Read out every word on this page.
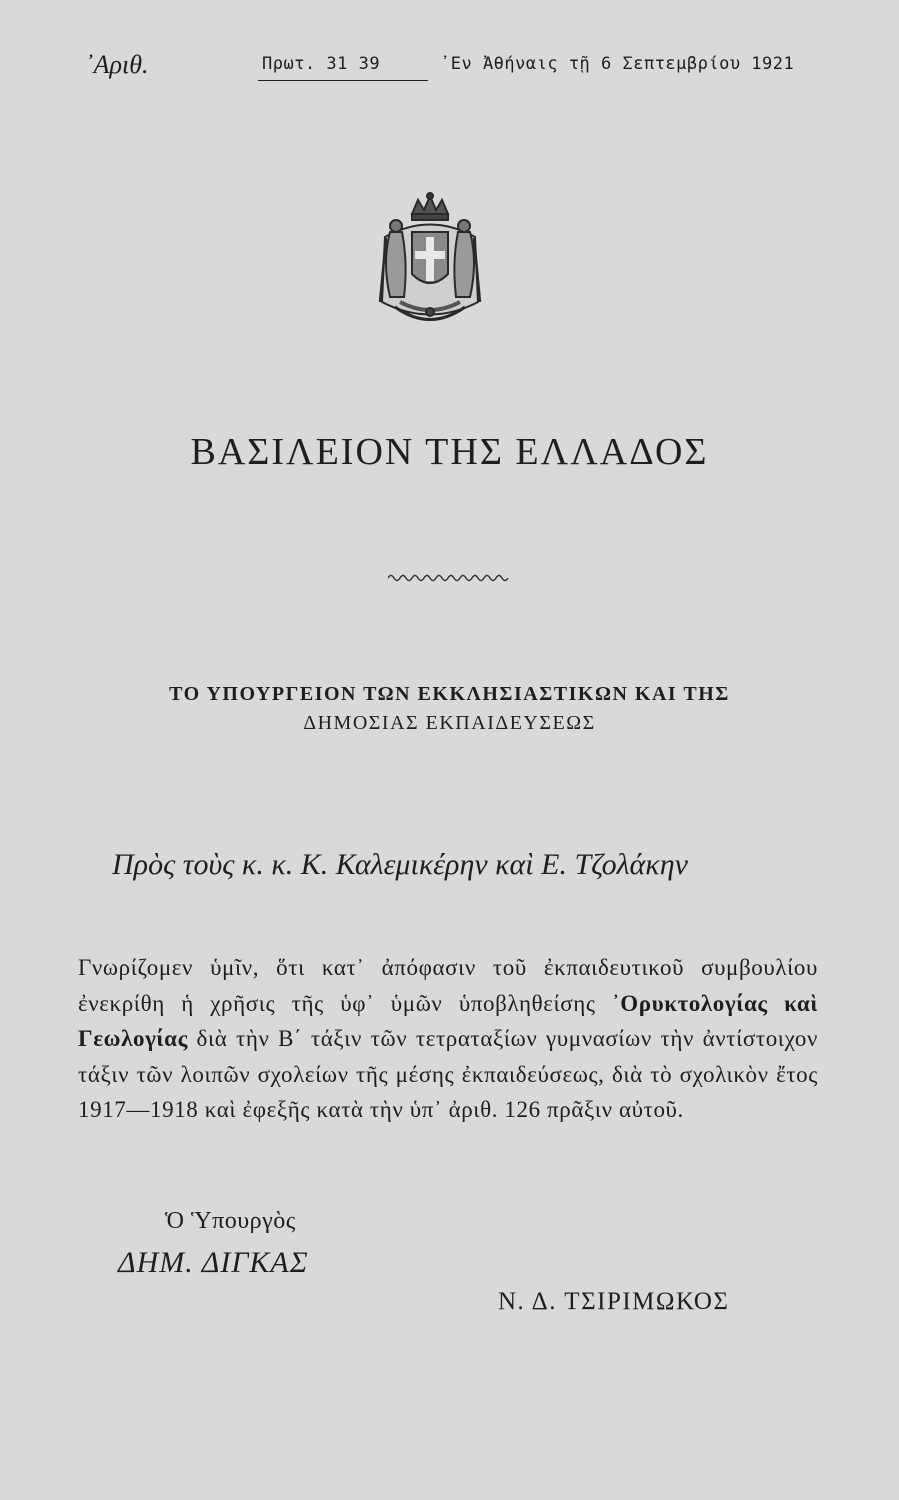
᾿Αριθ.	Πρωτ. 31 39	᾿Εν Ἀθήναις τῇ 6 Σεπτεμβρίου 1921
ΒΑΣΙΛΕΙΟΝ ΤΗΣ ΕΛΛΑΔΟΣ
ΤΟ ΥΠΟΥΡΓΕΙΟΝ ΤΩΝ ΕΚΚΛΗΣΙΑΣΤΙΚΩΝ ΚΑΙ ΤΗΣ
ΔΗΜΟΣΙΑΣ ΕΚΠΑΙΔΕΥΣΕΩΣ
Πρὸς τοὺς κ. κ. Κ. Καλεμικέρην καὶ Ε. Τζολάκην
Γνωρίζομεν ὑμῖν, ὅτι κατ᾿ ἀπόφασιν τοῦ ἐκπαιδευτικοῦ συμβουλίου ἐνεκρίθη ἡ χρῆσις τῆς ὑφ᾿ ὑμῶν ὑποβληθείσης ᾿Ορυκτολογίας καὶ Γεωλογίας διὰ τὴν Β΄ τάξιν τῶν τετραταξίων γυμνασίων τὴν ἀντίστοιχον τάξιν τῶν λοιπῶν σχολείων τῆς μέσης ἐκπαιδεύσεως, διὰ τὸ σχολικὸν ἔτος 1917—1918 καὶ ἐφεξῆς κατὰ τὴν ὑπ᾿ ἀριθ. 126 πρᾶξιν αὐτοῦ.
Ὁ Ὑπουργὸς
ΔΗΜ. ΔΙΓΚΑΣ
Ν. Δ. ΤΣΙΡΙΜΩΚΟΣ
